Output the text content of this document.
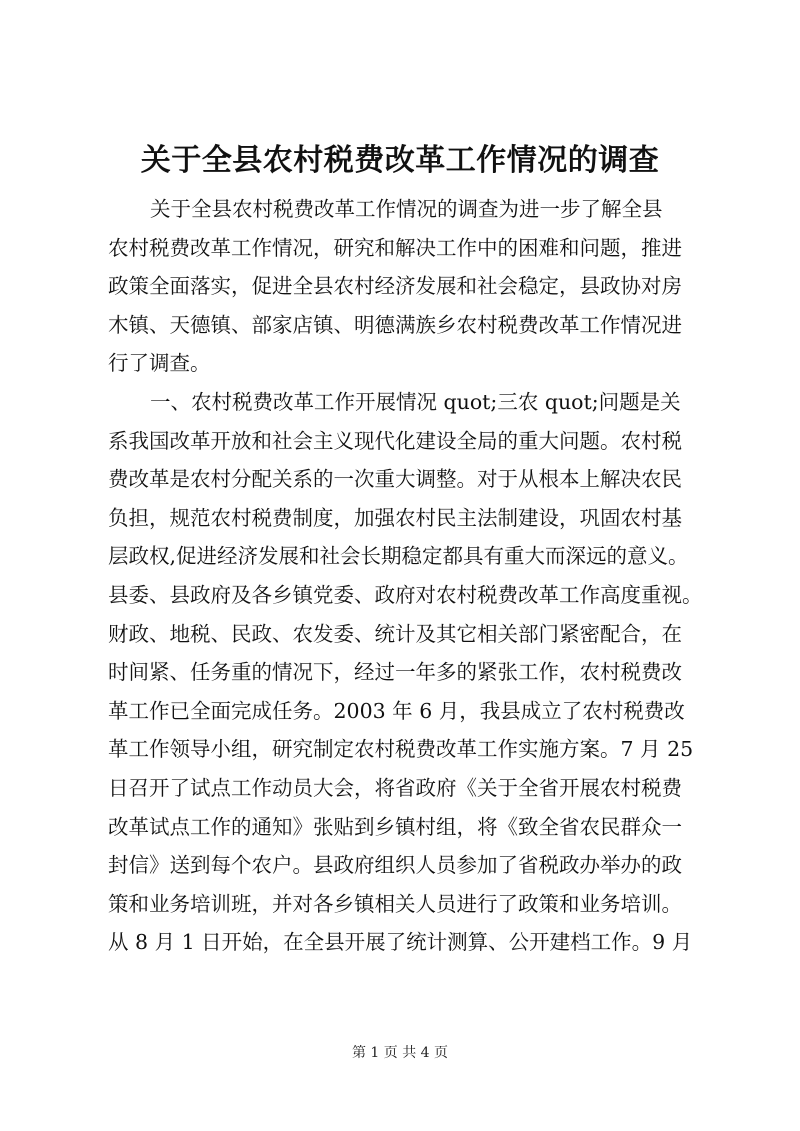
关于全县农村税费改革工作情况的调查
关于全县农村税费改革工作情况的调查为进一步了解全县
农村税费改革工作情况，研究和解决工作中的困难和问题，推进
政策全面落实，促进全县农村经济发展和社会稳定，县政协对房
木镇、天德镇、部家店镇、明德满族乡农村税费改革工作情况进
行了调查。
一、农村税费改革工作开展情况 quot;三农 quot;问题是关
系我国改革开放和社会主义现代化建设全局的重大问题。农村税
费改革是农村分配关系的一次重大调整。对于从根本上解决农民
负担，规范农村税费制度，加强农村民主法制建设，巩固农村基
层政权,促进经济发展和社会长期稳定都具有重大而深远的意义。
县委、县政府及各乡镇党委、政府对农村税费改革工作高度重视。
财政、地税、民政、农发委、统计及其它相关部门紧密配合，在
时间紧、任务重的情况下，经过一年多的紧张工作，农村税费改
革工作已全面完成任务。2003 年 6 月，我县成立了农村税费改
革工作领导小组，研究制定农村税费改革工作实施方案。7 月 25
日召开了试点工作动员大会，将省政府《关于全省开展农村税费
改革试点工作的通知》张贴到乡镇村组，将《致全省农民群众一
封信》送到每个农户。县政府组织人员参加了省税政办举办的政
策和业务培训班，并对各乡镇相关人员进行了政策和业务培训。
从 8 月 1 日开始，在全县开展了统计测算、公开建档工作。9 月
第 1 页 共 4 页
